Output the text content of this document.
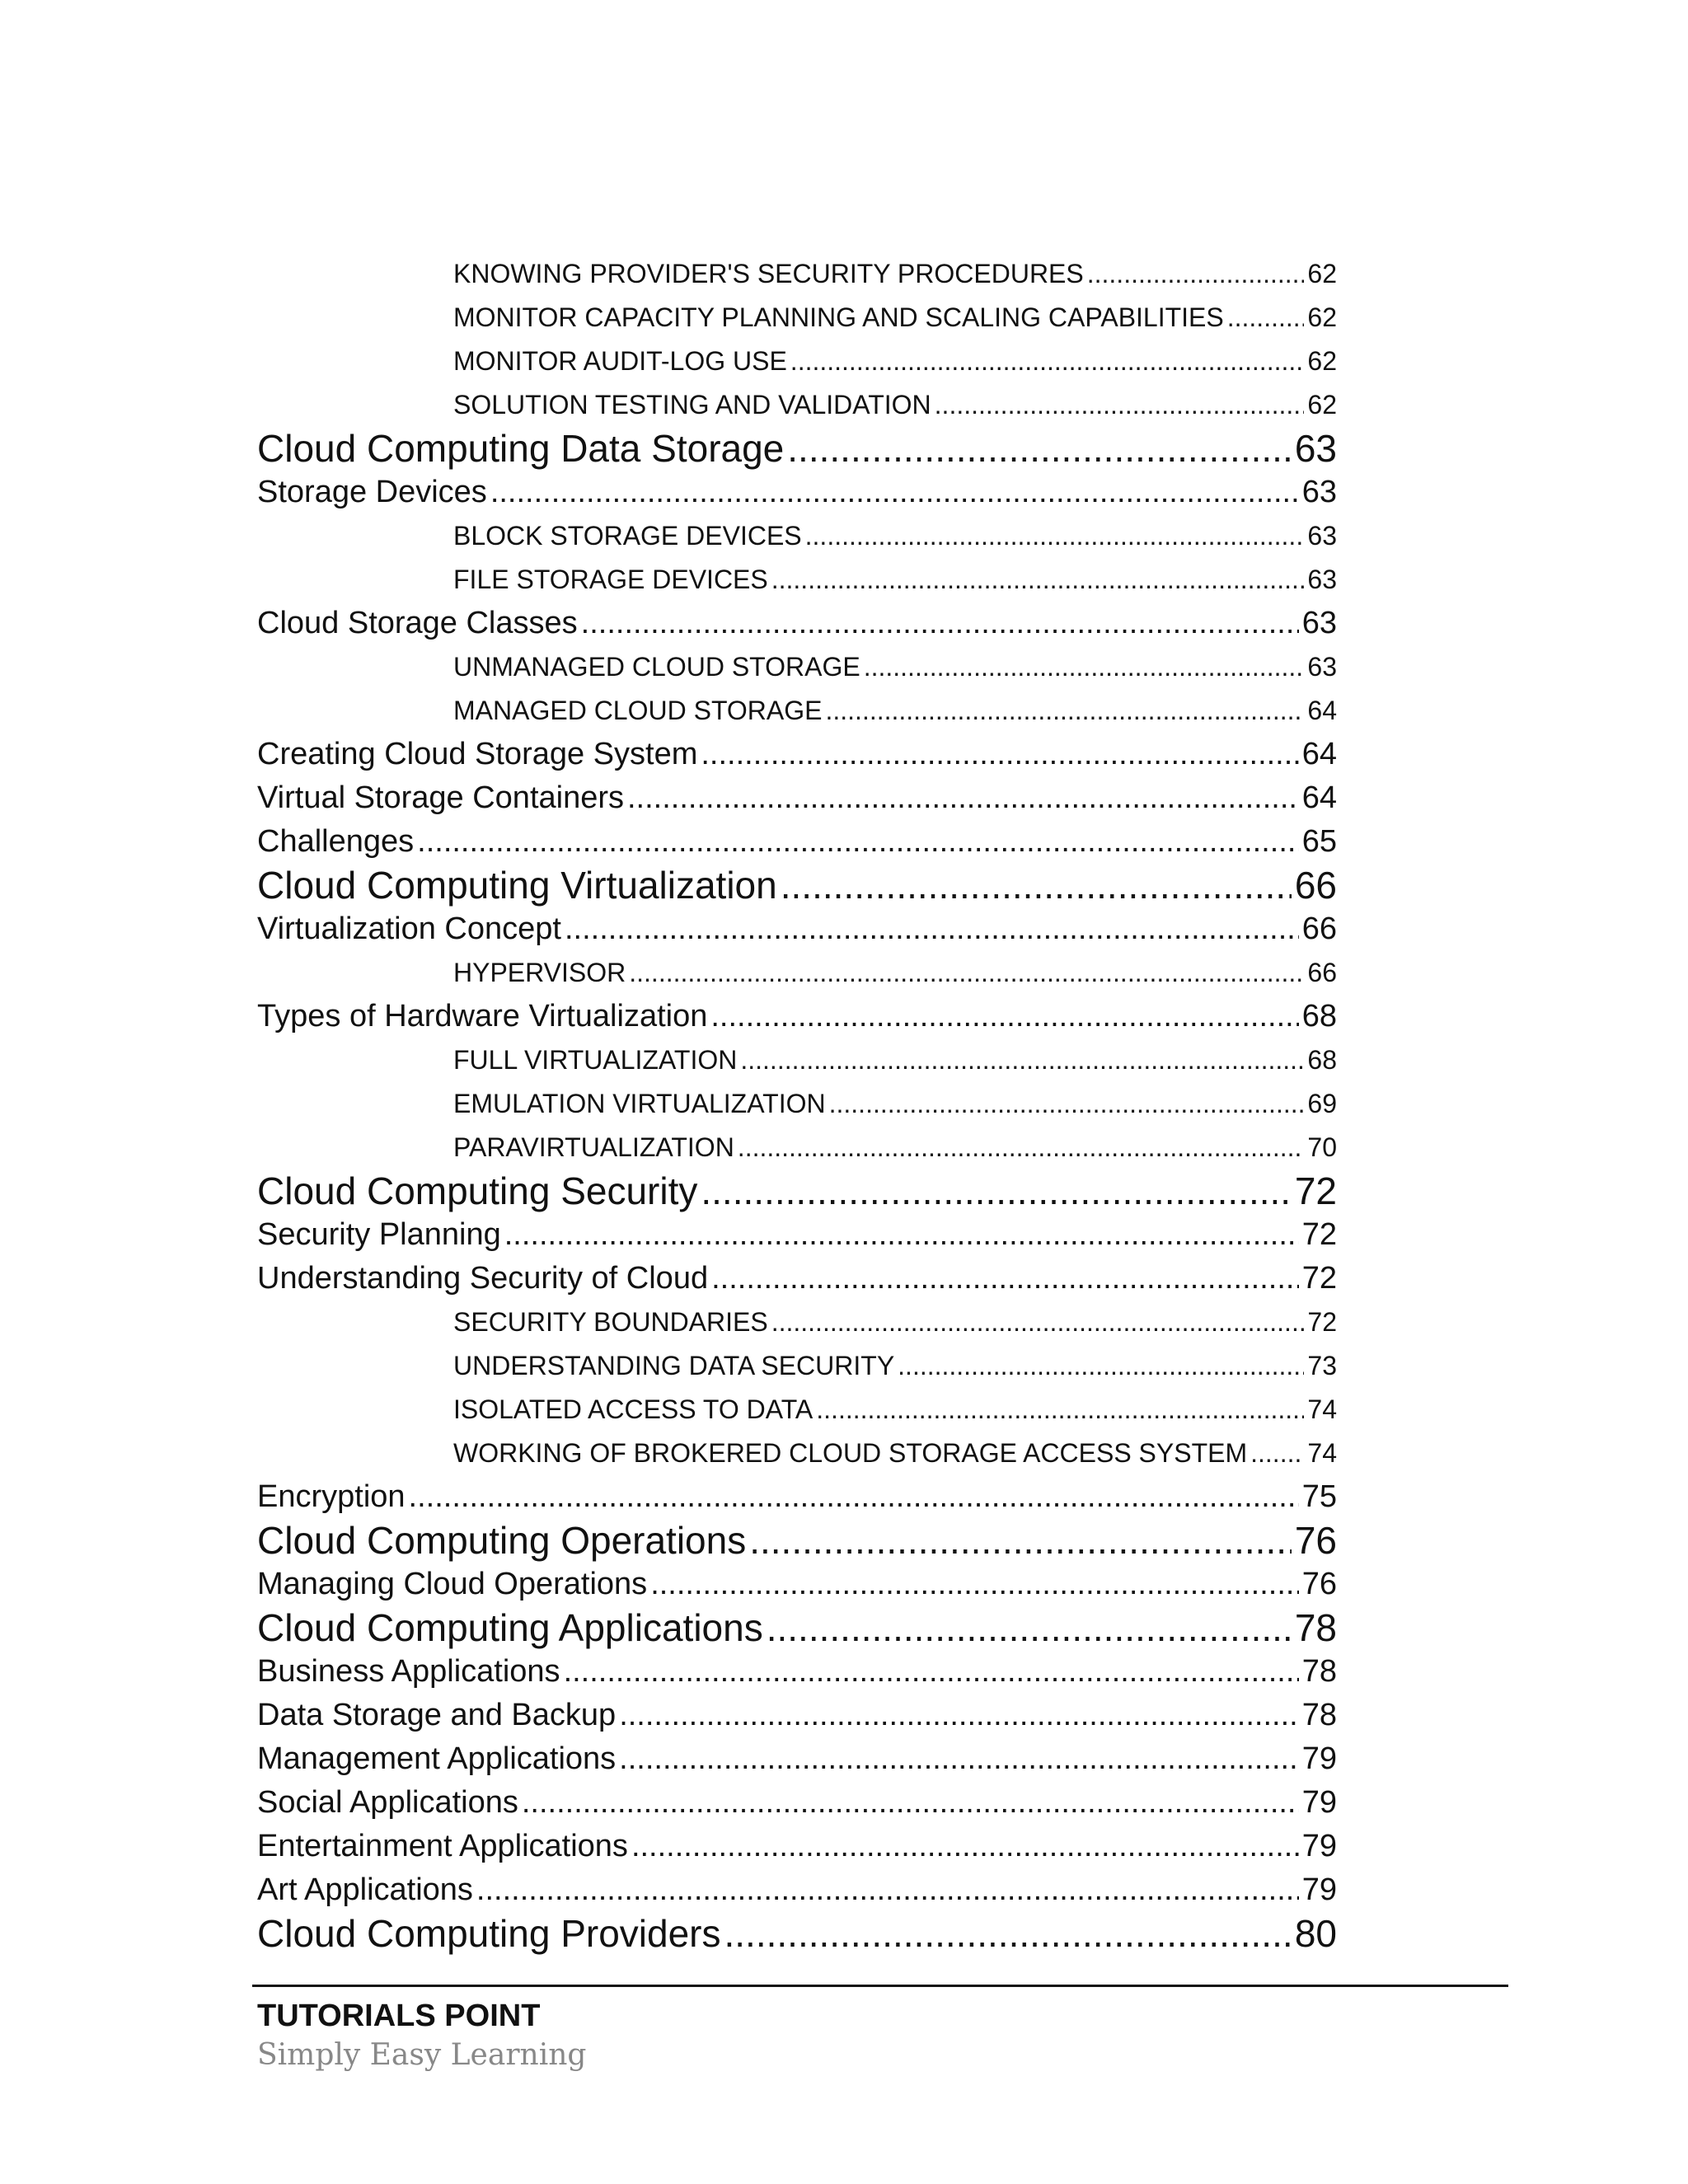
KNOWING PROVIDER'S SECURITY PROCEDURES .....	62
MONITOR CAPACITY PLANNING AND SCALING CAPABILITIES .....	62
MONITOR AUDIT-LOG USE .....	62
SOLUTION TESTING AND VALIDATION .....	62
Cloud Computing Data Storage .....	63
Storage Devices .....	63
BLOCK STORAGE DEVICES .....	63
FILE STORAGE DEVICES .....	63
Cloud Storage Classes .....	63
UNMANAGED CLOUD STORAGE .....	63
MANAGED CLOUD STORAGE .....	64
Creating Cloud Storage System .....	64
Virtual Storage Containers .....	64
Challenges .....	65
Cloud Computing Virtualization .....	66
Virtualization Concept .....	66
HYPERVISOR .....	66
Types of Hardware Virtualization .....	68
FULL VIRTUALIZATION .....	68
EMULATION VIRTUALIZATION .....	69
PARAVIRTUALIZATION .....	70
Cloud Computing Security .....	72
Security Planning .....	72
Understanding Security of Cloud .....	72
SECURITY BOUNDARIES .....	72
UNDERSTANDING DATA SECURITY .....	73
ISOLATED ACCESS TO DATA .....	74
WORKING OF BROKERED CLOUD STORAGE ACCESS SYSTEM ..... 74
Encryption .....	75
Cloud Computing Operations .....	76
Managing Cloud Operations .....	76
Cloud Computing Applications .....	78
Business Applications .....	78
Data Storage and Backup .....	78
Management Applications .....	79
Social Applications .....	79
Entertainment Applications .....	79
Art Applications .....	79
Cloud Computing Providers .....	80
TUTORIALS POINT
Simply Easy Learning
